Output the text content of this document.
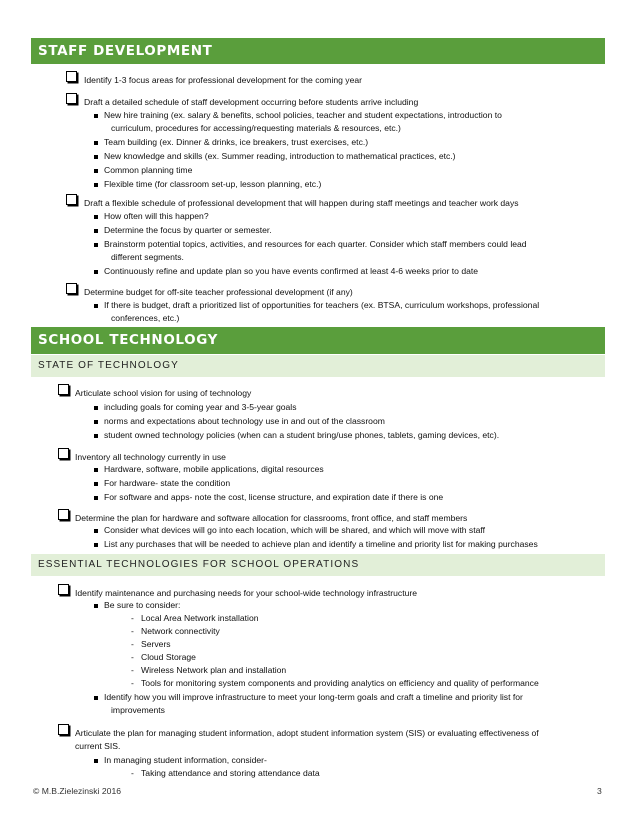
STAFF DEVELOPMENT
Identify 1-3 focus areas for professional development for the coming year
Draft a detailed schedule of staff development occurring before students arrive including
New hire training (ex. salary & benefits, school policies, teacher and student expectations, introduction to
curriculum, procedures for accessing/requesting materials & resources, etc.)
Team building (ex. Dinner & drinks, ice breakers, trust exercises, etc.)
New knowledge and skills (ex. Summer reading, introduction to mathematical practices, etc.)
Common planning time
Flexible time (for classroom set-up, lesson planning, etc.)
Draft a flexible schedule of professional development that will happen during staff meetings and teacher work days
How often will this happen?
Determine the focus by quarter or semester.
Brainstorm potential topics, activities, and resources for each quarter. Consider which staff members could lead
different segments.
Continuously refine and update plan so you have events confirmed at least 4-6 weeks prior to date
Determine budget for off-site teacher professional development (if any)
If there is budget, draft a prioritized list of opportunities for teachers (ex. BTSA, curriculum workshops, professional
conferences, etc.)
SCHOOL TECHNOLOGY
STATE OF TECHNOLOGY
Articulate school vision for using of technology
including goals for coming year and 3-5-year goals
norms and expectations about technology use in and out of the classroom
student owned technology policies (when can a student bring/use phones, tablets, gaming devices, etc).
Inventory all technology currently in use
Hardware, software, mobile applications, digital resources
For hardware- state the condition
For software and apps- note the cost, license structure, and expiration date if there is one
Determine the plan for hardware and software allocation for classrooms, front office, and staff members
Consider what devices will go into each location, which will be shared, and which will move with staff
List any purchases that will be needed to achieve plan and identify a timeline and priority list for making purchases
ESSENTIAL TECHNOLOGIES FOR SCHOOL OPERATIONS
Identify maintenance and purchasing needs for your school-wide technology infrastructure
Be sure to consider:
- Local Area Network installation
- Network connectivity
- Servers
- Cloud Storage
- Wireless Network plan and installation
- Tools for monitoring system components and providing analytics on efficiency and quality of performance
Identify how you will improve infrastructure to meet your long-term goals and craft a timeline and priority list for
improvements
Articulate the plan for managing student information, adopt student information system (SIS) or evaluating effectiveness of
current SIS.
In managing student information, consider-
- Taking attendance and storing attendance data
© M.B.Zielezinski 2016	3
